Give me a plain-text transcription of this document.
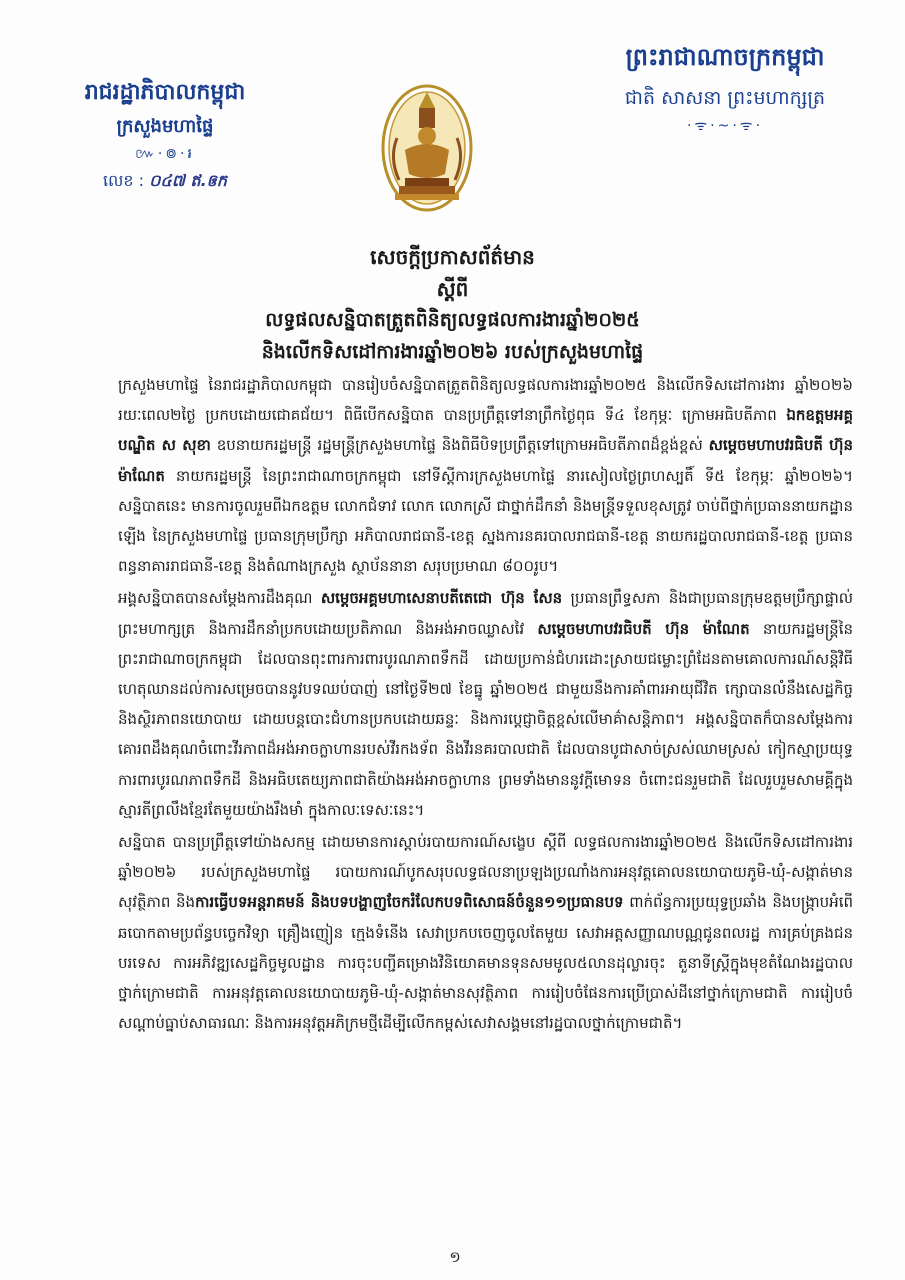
រាជរដ្ឋាភិបាលកម្ពុជា
ក្រសួងមហាផ្ទៃ
៚·៙·៛
លេខ : ០៤៧ ឥ.ឲក
ព្រះរាជាណាចក្រកម្ពុជា
ជាតិ សាសនា ព្រះមហាក្សត្រ
·ᯤ·~·ᯤ·
សេចក្តីប្រកាសព័ត៌មាន
ស្តីពី
លទ្ធផលសន្និបាតត្រួតពិនិត្យលទ្ធផលការងារឆ្នាំ២០២៥
និងលើកទិសដៅការងារឆ្នាំ២០២៦ របស់ក្រសួងមហាផ្ទៃ

ក្រសួងមហាផ្ទៃ នៃរាជរដ្ឋាភិបាលកម្ពុជា បានរៀបចំសន្និបាតត្រួតពិនិត្យលទ្ធផលការងារឆ្នាំ២០២៥ និងលើកទិសដៅការងារ ឆ្នាំ២០២៦ រយៈពេល២ថ្ងៃ ប្រកបដោយជោគជ័យ។ ពិធីបើកសន្និបាត បានប្រព្រឹត្តទៅនាព្រឹកថ្ងៃពុធ ទី៤ ខែកុម្ភៈ ក្រោមអធិបតីភាព ឯកឧត្តមអគ្គបណ្ឌិត ស សុខា ឧបនាយករដ្ឋមន្ត្រី រដ្ឋមន្ត្រីក្រសួងមហាផ្ទៃ និងពិធីបិទប្រព្រឹត្តទៅក្រោមអធិបតីភាពដ៏ខ្ពង់ខ្ពស់ សម្តេចមហាបវរធិបតី ហ៊ុន ម៉ាណែត នាយករដ្ឋមន្ត្រី នៃព្រះរាជាណាចក្រកម្ពុជា នៅទីស្តីការក្រសួងមហាផ្ទៃ នារសៀលថ្ងៃព្រហស្បតិ៍ ទី៥ ខែកុម្ភៈ ឆ្នាំ២០២៦។ សន្និបាតនេះ មានការចូលរួមពីឯកឧត្តម លោកជំទាវ លោក លោកស្រី ជាថ្នាក់ដឹកនាំ និងមន្ត្រីទទួលខុសត្រូវ ចាប់ពីថ្នាក់ប្រធាននាយកដ្ឋានឡើង នៃក្រសួងមហាផ្ទៃ ប្រធានក្រុមប្រឹក្សា អភិបាលរាជធានី-ខេត្ត ស្នងការនគរបាលរាជធានី-ខេត្ត នាយករដ្ឋបាលរាជធានី-ខេត្ត ប្រធានពន្ធនាគាររាជធានី-ខេត្ត និងតំណាងក្រសួង ស្ថាប័ននានា សរុបប្រមាណ ៨០០រូប។

អង្គសន្និបាតបានសម្តែងការដឹងគុណ សម្តេចអគ្គមហាសេនាបតីតេជោ ហ៊ុន សែន ប្រធានព្រឹទ្ធសភា និងជាប្រធានក្រុមឧត្តមប្រឹក្សាផ្ទាល់ព្រះមហាក្សត្រ និងការដឹកនាំប្រកបដោយប្រតិភាណ និងអង់អាចឈ្លាសវៃ សម្តេចមហាបវរធិបតី ហ៊ុន ម៉ាណែត នាយករដ្ឋមន្ត្រីនៃព្រះរាជាណាចក្រកម្ពុជា ដែលបានពុះពារការពារបូរណភាពទឹកដី ដោយប្រកាន់ជំហរដោះស្រាយជម្លោះព្រំដែនតាមគោលការណ៍សន្តិវិធី ហេតុឈានដល់ការសម្រេចបាននូវបទឈប់បាញ់ នៅថ្ងៃទី២៧ ខែធ្នូ ឆ្នាំ២០២៥ ជាមួយនឹងការគាំពារអាយុជីវិត ក្សោបានលំនឹងសេដ្ឋកិច្ច និងស្ថិរភាពនយោបាយ ដោយបន្តបោះជំហានប្រកបដោយឆន្ទៈ និងការប្តេជ្ញាចិត្តខ្ពស់លើមាគ៌ាសន្តិភាព។ អង្គសន្និបាតក៏បានសម្តែងការគោរពដឹងគុណចំពោះវីរភាពដ៏អង់អាចក្លាហានរបស់វីរកងទ័ព និងវីរនគរបាលជាតិ ដែលបានបូជាសាច់ស្រស់ឈាមស្រស់ កៀកស្មាប្រយុទ្ធការពារបូរណភាពទឹកដី និងអធិបតេយ្យភាពជាតិយ៉ាងអង់អាចក្លាហាន ព្រមទាំងមាននូវក្តីមោទន ចំពោះជនរួមជាតិ ដែលរួបរួមសាមគ្គីក្នុងស្មារតីព្រលឹងខ្មែរតែមួយយ៉ាងរឹងមាំ ក្នុងកាលៈទេសៈនេះ។

សន្និបាត បានប្រព្រឹត្តទៅយ៉ាងសកម្ម ដោយមានការស្តាប់របាយការណ៍សង្ខេប ស្តីពី លទ្ធផលការងារឆ្នាំ២០២៥ និងលើកទិសដៅការងារឆ្នាំ២០២៦ របស់ក្រសួងមហាផ្ទៃ របាយការណ៍បូកសរុបលទ្ធផលនាប្រឡងប្រណាំងការអនុវត្តគោលនយោបាយភូមិ-ឃុំ-សង្កាត់មានសុវត្ថិភាព និងការធ្វើបទអន្តរាគមន៍ និងបទបង្ហាញចែករំលែកបទពិសោធន៍ចំនួន១១ប្រធានបទ ពាក់ព័ន្ធការប្រយុទ្ធប្រឆាំង និងបង្ក្រាបអំពើឆបោកតាមប្រព័ន្ធបច្ចេកវិទ្យា គ្រឿងញៀន ក្មេងទំនើង សេវាប្រកបចេញចូលតែមួយ សេវាអត្តសញ្ញាណបណ្ណជូនពលរដ្ឋ ការគ្រប់គ្រងជនបរទេស ការអភិវឌ្ឍសេដ្ឋកិច្ចមូលដ្ឋាន ការចុះបញ្ជីគម្រោងវិនិយោគមានទុនសមមូល៥លានដុល្លារចុះ តួនាទីស្ត្រីក្នុងមុខតំណែងរដ្ឋបាលថ្នាក់ក្រោមជាតិ ការអនុវត្តគោលនយោបាយភូមិ-ឃុំ-សង្កាត់មានសុវត្ថិភាព ការរៀបចំផែនការប្រើប្រាស់ដីនៅថ្នាក់ក្រោមជាតិ ការរៀបចំសណ្តាប់ធ្នាប់សាធារណៈ និងការអនុវត្តអភិក្រមថ្មីដើម្បីលើកកម្ពស់សេវាសង្គមនៅរដ្ឋបាលថ្នាក់ក្រោមជាតិ។

១
